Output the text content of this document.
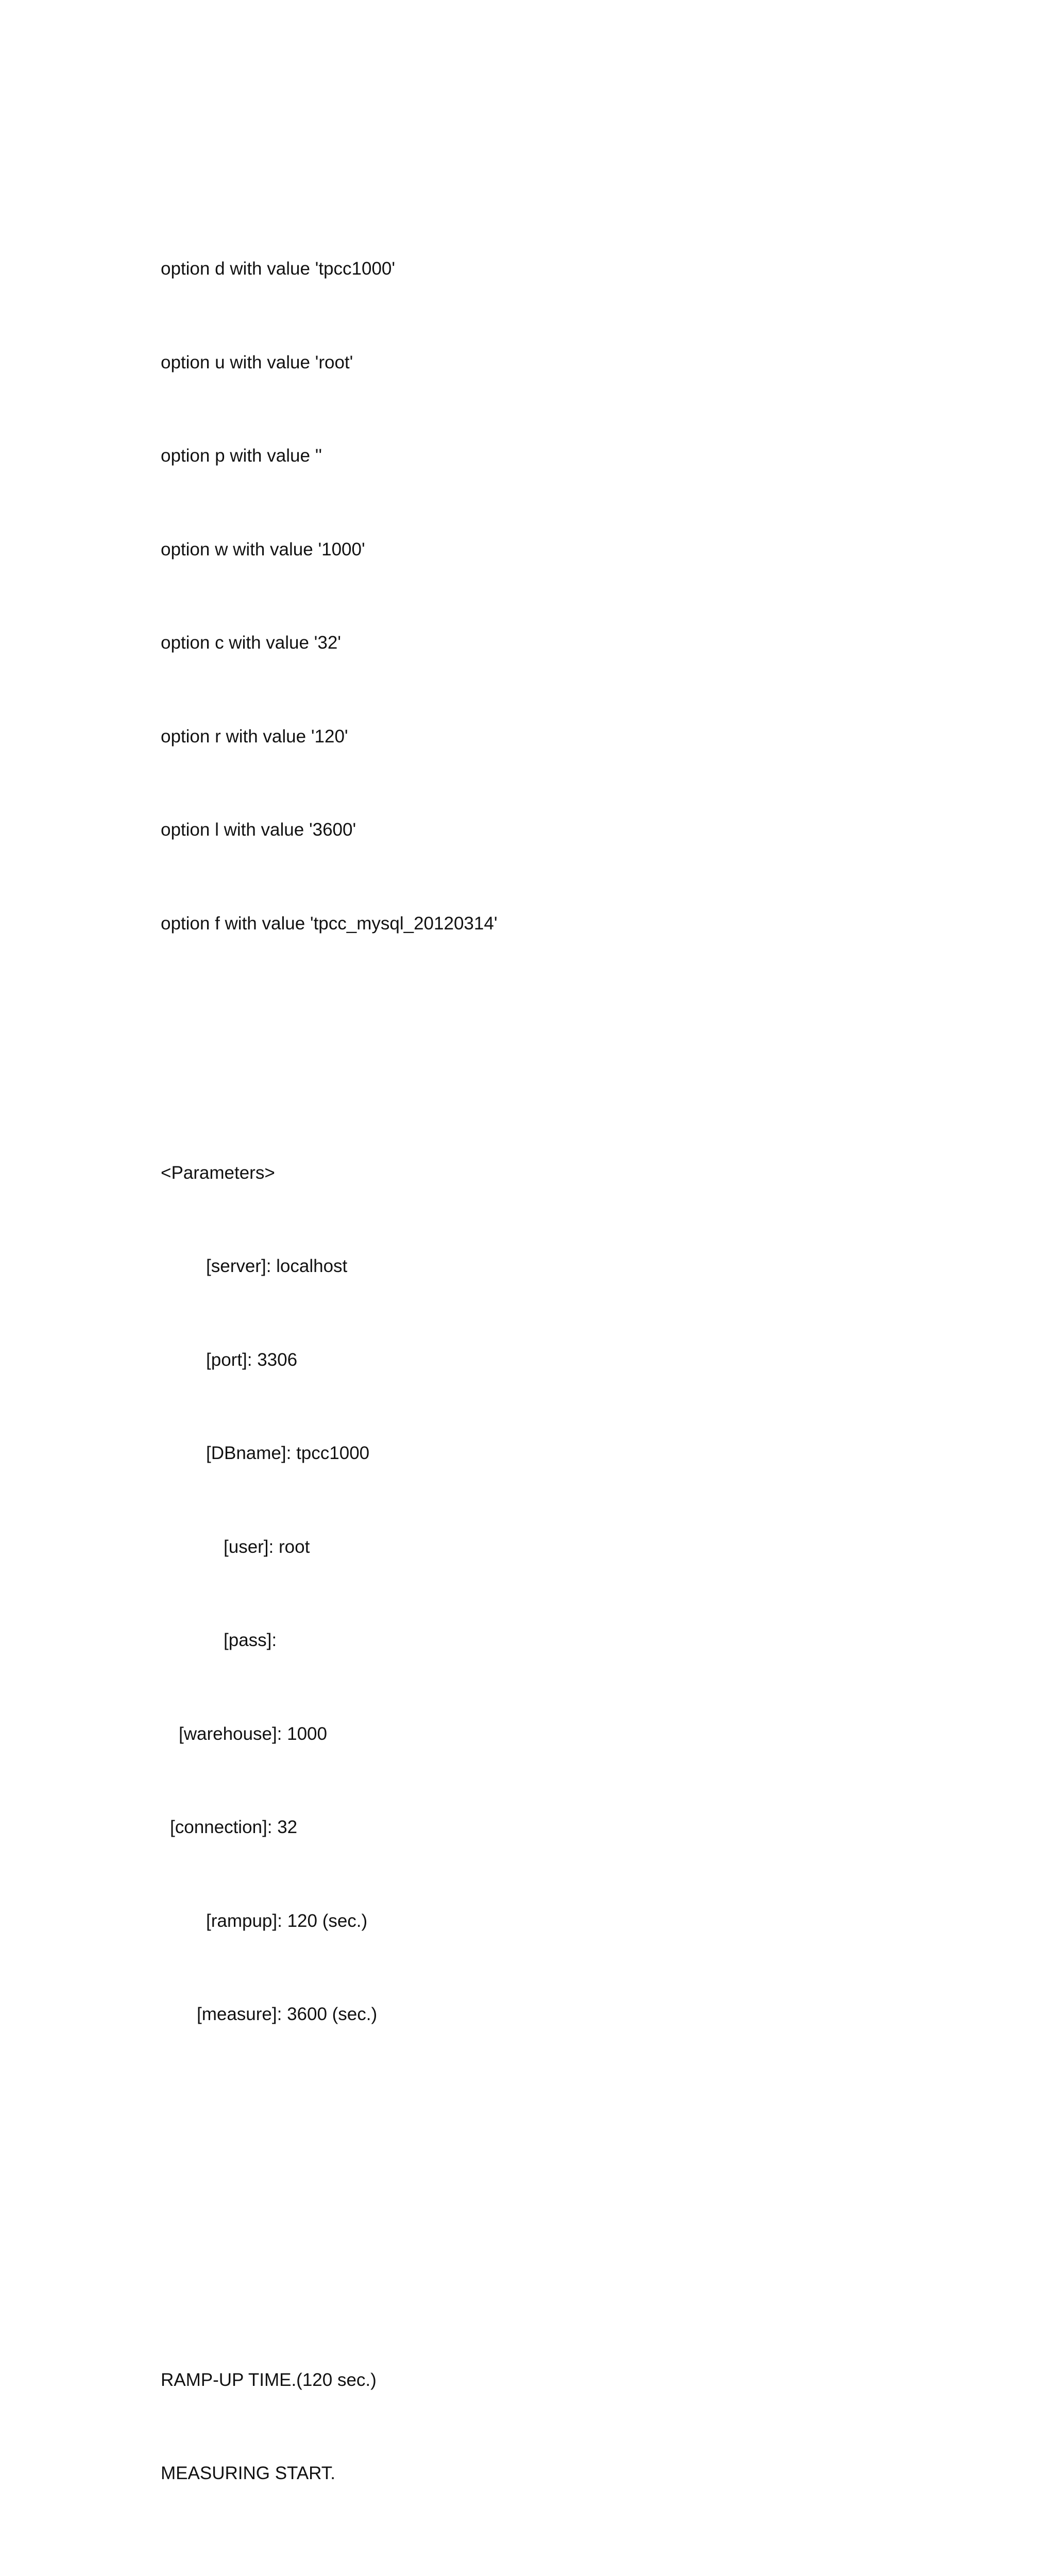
option d with value 'tpcc1000'

option u with value 'root'

option p with value ''

option w with value '1000'

option c with value '32'

option r with value '120'

option l with value '3600'

option f with value 'tpcc_mysql_20120314'

<Parameters>

[server]: localhost

[port]: 3306

[DBname]: tpcc1000

[user]: root

[pass]:

[warehouse]: 1000

[connection]: 32

[rampup]: 120 (sec.)

[measure]: 3600 (sec.)

RAMP-UP TIME.(120 sec.)

MEASURING START.
